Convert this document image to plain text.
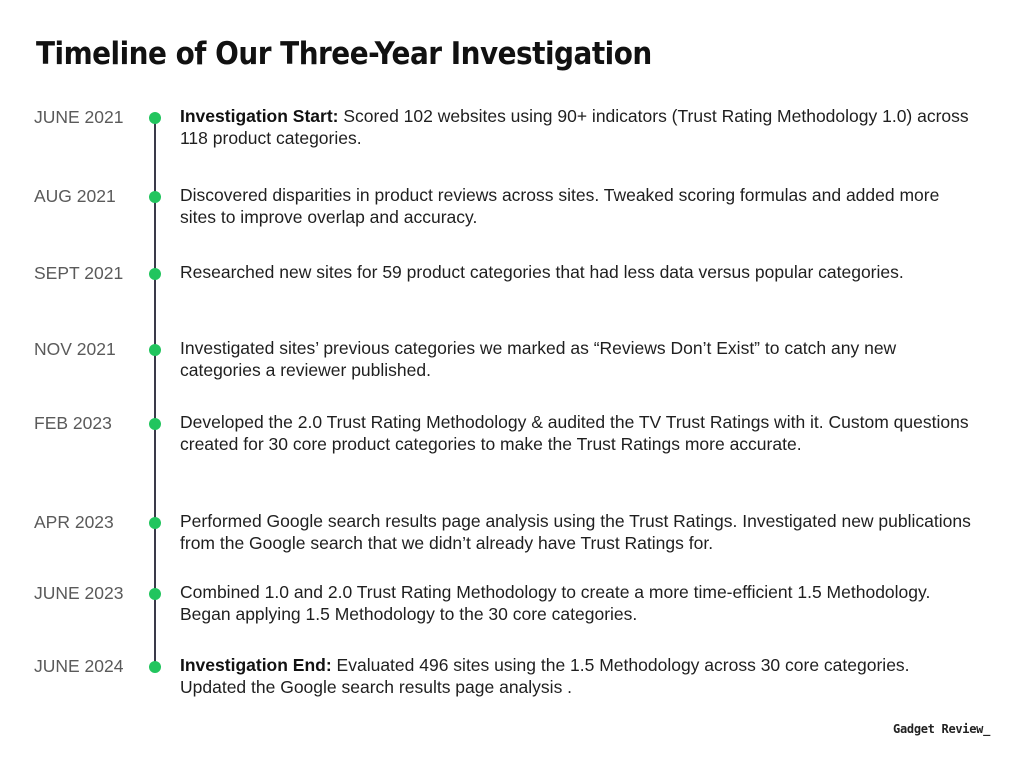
Timeline of Our Three-Year Investigation
JUNE 2021	Investigation Start: Scored 102 websites using 90+ indicators (Trust Rating Methodology 1.0) across 118 product categories.
AUG 2021	Discovered disparities in product reviews across sites. Tweaked scoring formulas and added more sites to improve overlap and accuracy.
SEPT 2021	Researched new sites for 59 product categories that had less data versus popular categories.
NOV 2021	Investigated sites’ previous categories we marked as “Reviews Don’t Exist” to catch any new categories a reviewer published.
FEB 2023	Developed the 2.0 Trust Rating Methodology & audited the TV Trust Ratings with it. Custom questions created for 30 core product categories to make the Trust Ratings more accurate.
APR 2023	Performed Google search results page analysis using the Trust Ratings. Investigated new publications from the Google search that we didn’t already have Trust Ratings for.
JUNE 2023	Combined 1.0 and 2.0 Trust Rating Methodology to create a more time-efficient 1.5 Methodology. Began applying 1.5 Methodology to the 30 core categories.
JUNE 2024	Investigation End: Evaluated 496 sites using the 1.5 Methodology across 30 core categories. Updated the Google search results page analysis .
Gadget Review_
